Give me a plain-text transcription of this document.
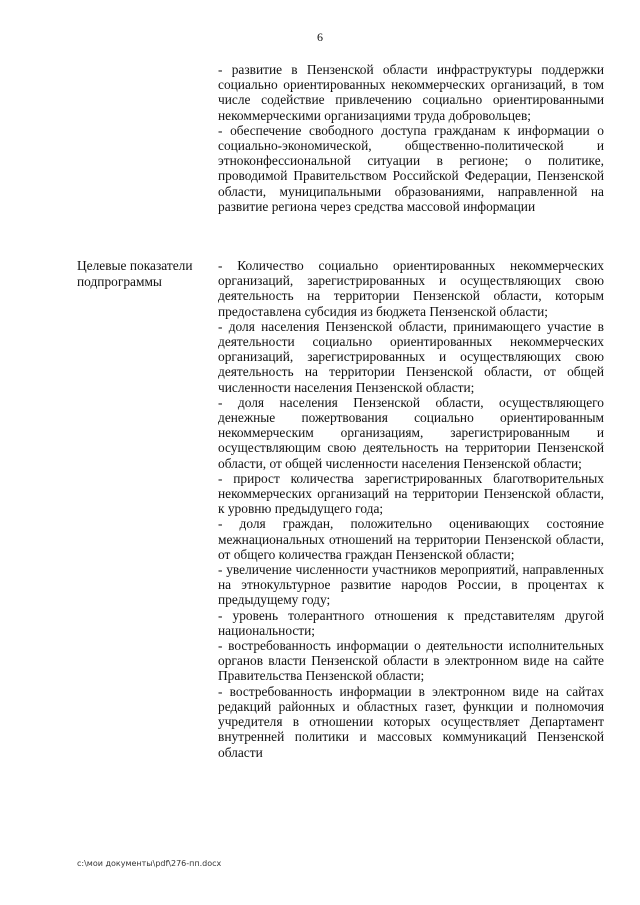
6

- развитие в Пензенской области инфраструктуры поддержки социально ориентированных некоммерческих организаций, в том числе содействие привлечению социально ориентированными некоммерческими организациями труда добровольцев;

- обеспечение свободного доступа гражданам к информации о социально-экономической, общественно-политической и этноконфессиональной ситуации в регионе; о политике, проводимой Правительством Российской Федерации, Пензенской области, муниципальными образованиями, направленной на развитие региона через средства массовой информации

Целевые показатели подпрограммы

- Количество социально ориентированных некоммерческих организаций, зарегистрированных и осуществляющих свою деятельность на территории Пензенской области, которым предоставлена субсидия из бюджета Пензенской области;

- доля населения Пензенской области, принимающего участие в деятельности социально ориентированных некоммерческих организаций, зарегистрированных и осуществляющих свою деятельность на территории Пензенской области, от общей численности населения Пензенской области;

- доля населения Пензенской области, осуществляющего денежные пожертвования социально ориентированным некоммерческим организациям, зарегистрированным и осуществляющим свою деятельность на территории Пензенской области, от общей численности населения Пензенской области;

- прирост количества зарегистрированных благотворительных некоммерческих организаций на территории Пензенской области, к уровню предыдущего года;

- доля граждан, положительно оценивающих состояние межнациональных отношений на территории Пензенской области, от общего количества граждан Пензенской области;

- увеличение численности участников мероприятий, направленных на этнокультурное развитие народов России, в процентах к предыдущему году;

- уровень толерантного отношения к представителям другой национальности;

- востребованность информации о деятельности исполнительных органов власти Пензенской области в электронном виде на сайте Правительства Пензенской области;

- востребованность информации в электронном виде на сайтах редакций районных и областных газет, функции и полномочия учредителя в отношении которых осуществляет Департамент внутренней политики и массовых коммуникаций Пензенской области

c:\мои документы\pdf\276-пп.docx
